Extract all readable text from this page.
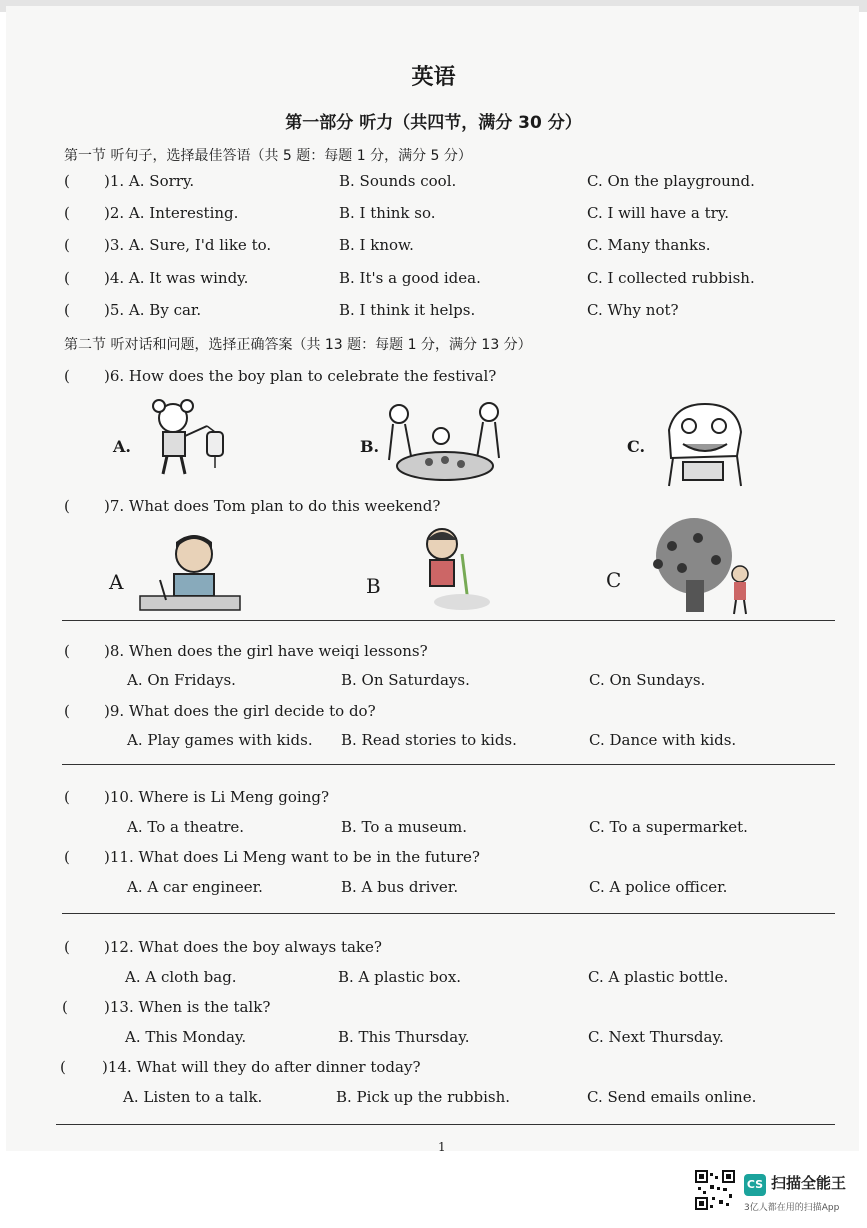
英语
第一部分 听力（共四节，满分 30 分）
第一节 听句子，选择最佳答语（共 5 题：每题 1 分，满分 5 分）
( )1. A. Sorry.	B. Sounds cool.	C. On the playground.
( )2. A. Interesting.	B. I think so.	C. I will have a try.
( )3. A. Sure, I'd like to.	B. I know.	C. Many thanks.
( )4. A. It was windy.	B. It's a good idea.	C. I collected rubbish.
( )5. A. By car.	B. I think it helps.	C. Why not?
第二节 听对话和问题，选择正确答案（共 13 题：每题 1 分，满分 13 分）
( )6. How does the boy plan to celebrate the festival?
A.	B.	C.
( )7. What does Tom plan to do this weekend?
A	B	C
( )8. When does the girl have weiqi lessons?
A. On Fridays.	B. On Saturdays.	C. On Sundays.
( )9. What does the girl decide to do?
A. Play games with kids. B. Read stories to kids.	C. Dance with kids.
( )10. Where is Li Meng going?
A. To a theatre.	B. To a museum.	C. To a supermarket.
( )11. What does Li Meng want to be in the future?
A. A car engineer.	B. A bus driver.	C. A police officer.
( )12. What does the boy always take?
A. A cloth bag.	B. A plastic box.	C. A plastic bottle.
( )13. When is the talk?
A. This Monday.	B. This Thursday.	C. Next Thursday.
( )14. What will they do after dinner today?
A. Listen to a talk.	B. Pick up the rubbish.	C. Send emails online.
1
CS 扫描全能王
3亿人都在用的扫描App
